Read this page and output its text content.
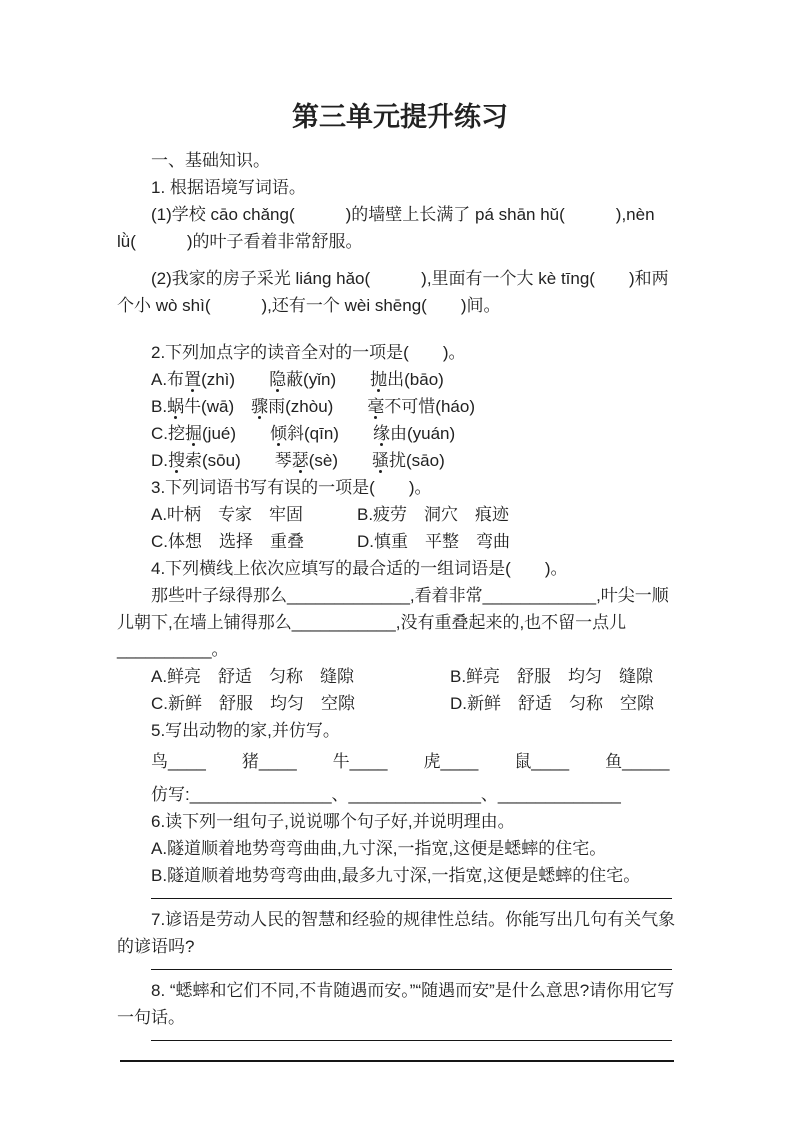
第三单元提升练习

一、基础知识。

1. 根据语境写词语。

(1)学校 cāo chǎng(　　　)的墙壁上长满了 pá shān hǔ(　　　),nèn lǜ(　　　)的叶子看着非常舒服。

(2)我家的房子采光 liáng hǎo(　　　),里面有一个大 kè tīng(　　)和两个小 wò shì(　　　),还有一个 wèi shēng(　　)间。

2.下列加点字的读音全对的一项是(　　)。

A.布置(zhì)　　隐蔽(yǐn)　　抛出(bāo)

B.蜗牛(wā)　骤雨(zhòu)　　毫不可惜(háo)

C.挖掘(jué)　　倾斜(qīn)　　缘由(yuán)

D.搜索(sōu)　　琴瑟(sè)　　骚扰(sāo)

3.下列词语书写有误的一项是(　　)。

A.叶柄　专家　牢固	B.疲劳　洞穴　痕迹
C.体想　选择　重叠	D.慎重　平整　弯曲

4.下列横线上依次应填写的最合适的一组词语是(　　)。

那些叶子绿得那么_____________,看着非常____________,叶尖一顺儿朝下,在墙上铺得那么___________,没有重叠起来的,也不留一点儿__________。

A.鲜亮　舒适　匀称　缝隙	B.鲜亮　舒服　均匀　缝隙
C.新鲜　舒服　均匀　空隙	D.新鲜　舒适　匀称　空隙

5.写出动物的家,并仿写。

鸟____ 猪____ 牛____ 虎____ 鼠____ 鱼_____

仿写:_______________、______________、_____________

6.读下列一组句子,说说哪个句子好,并说明理由。

A.隧道顺着地势弯弯曲曲,九寸深,一指宽,这便是蟋蟀的住宅。

B.隧道顺着地势弯弯曲曲,最多九寸深,一指宽,这便是蟋蟀的住宅。

7.谚语是劳动人民的智慧和经验的规律性总结。你能写出几句有关气象的谚语吗?

8. “蟋蟀和它们不同,不肯随遇而安。”“随遇而安”是什么意思?请你用它写一句话。
